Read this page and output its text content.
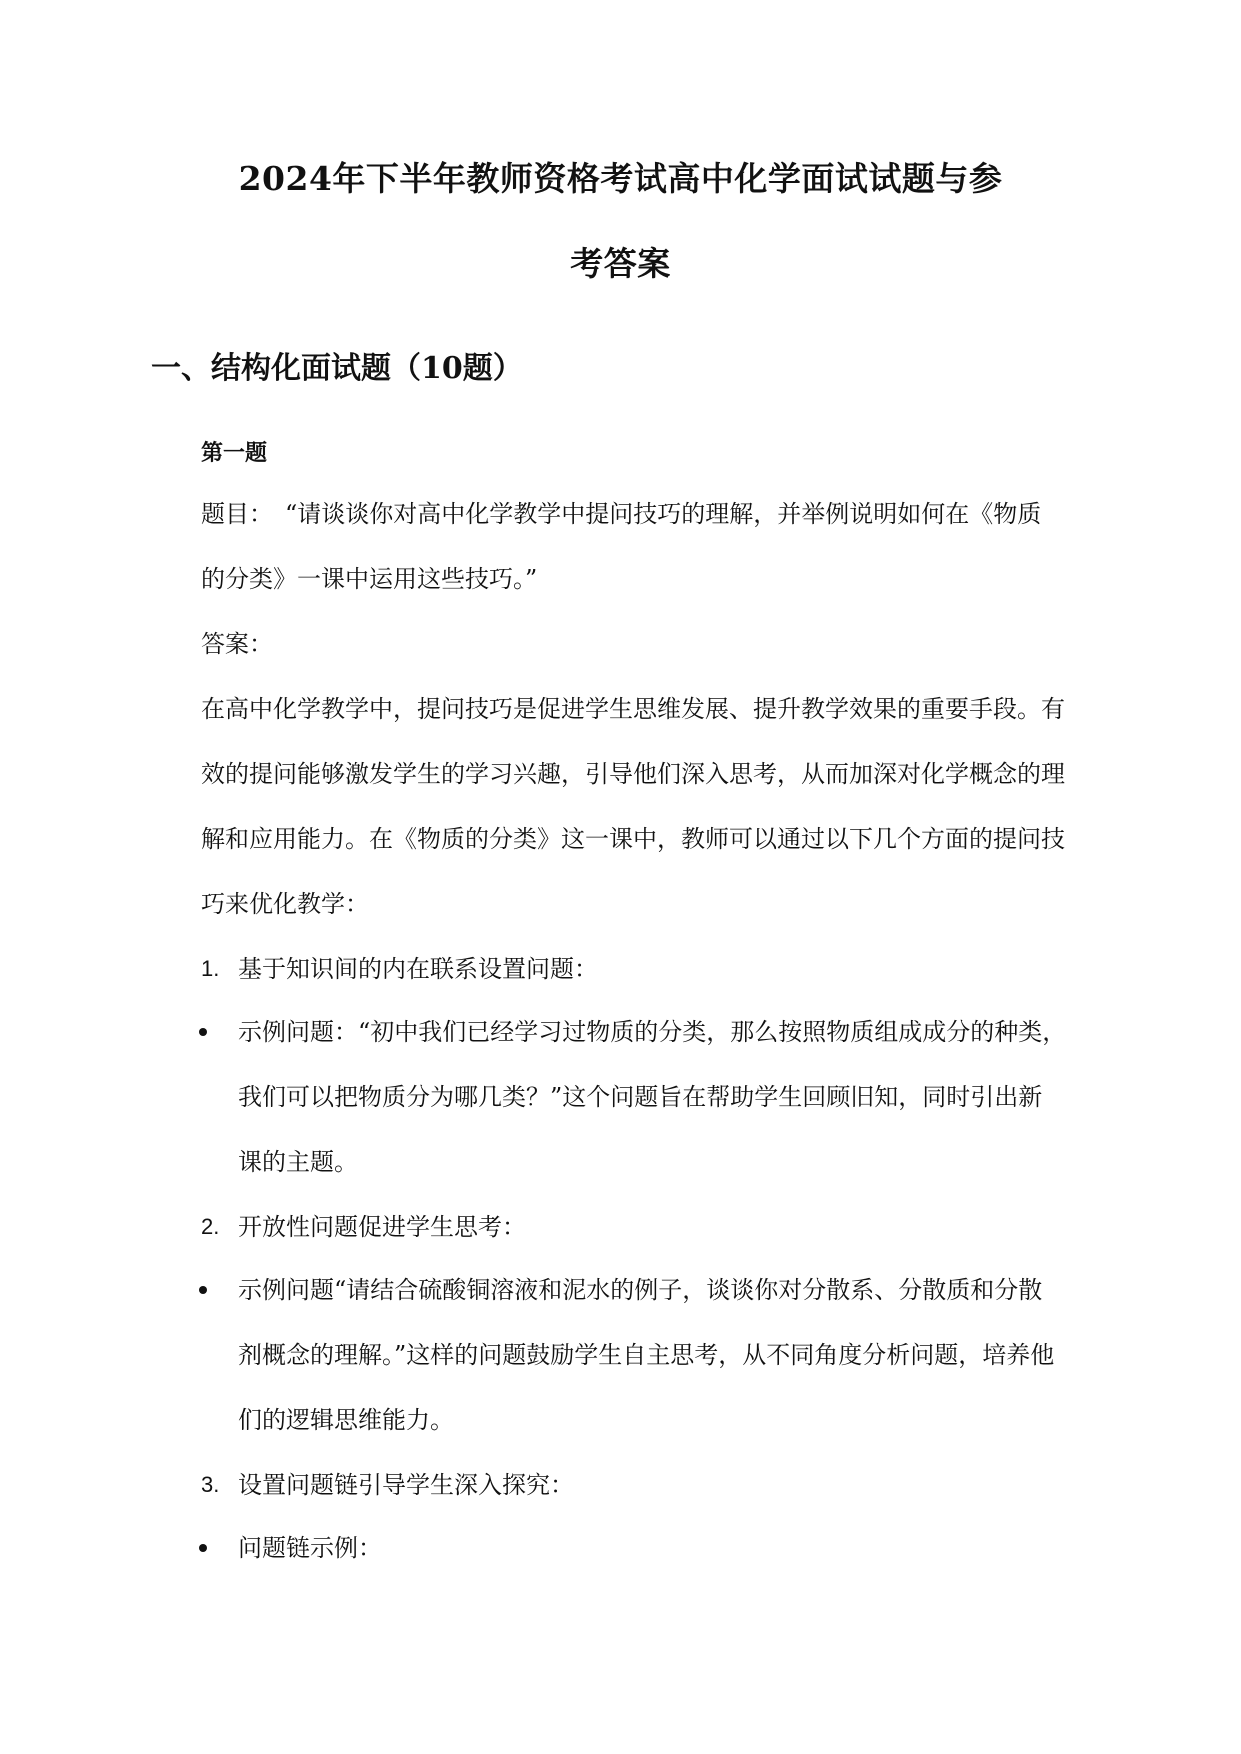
2024年下半年教师资格考试高中化学面试试题与参
考答案
一、结构化面试题（10题）
第一题
题目：　“请谈谈你对高中化学教学中提问技巧的理解，并举例说明如何在《物质
的分类》一课中运用这些技巧。”
答案：
在高中化学教学中，提问技巧是促进学生思维发展、提升教学效果的重要手段。有
效的提问能够激发学生的学习兴趣，引导他们深入思考，从而加深对化学概念的理
解和应用能力。在《物质的分类》这一课中，教师可以通过以下几个方面的提问技
巧来优化教学：
1. 基于知识间的内在联系设置问题：
示例问题：“初中我们已经学习过物质的分类，那么按照物质组成成分的种类，
我们可以把物质分为哪几类？”这个问题旨在帮助学生回顾旧知，同时引出新
课的主题。
2. 开放性问题促进学生思考：
示例问题“请结合硫酸铜溶液和泥水的例子，谈谈你对分散系、分散质和分散
剂概念的理解。”这样的问题鼓励学生自主思考，从不同角度分析问题，培养他
们的逻辑思维能力。
3. 设置问题链引导学生深入探究：
问题链示例：
